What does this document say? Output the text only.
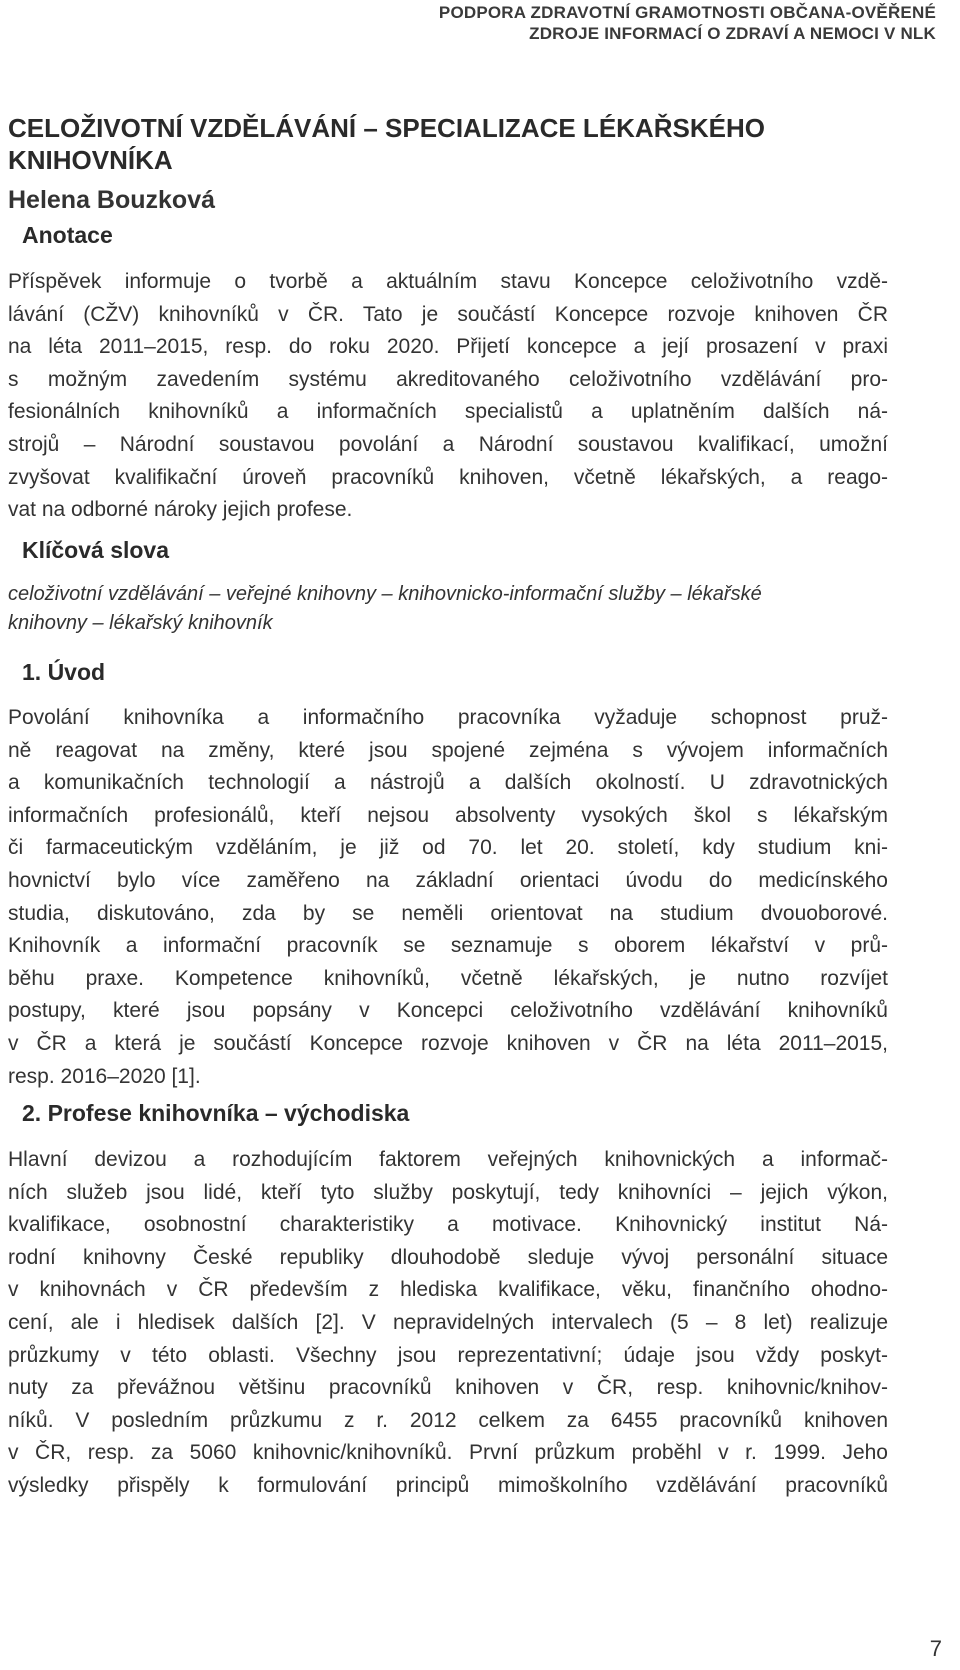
PODPORA ZDRAVOTNÍ GRAMOTNOSTI OBČANA-OVĚŘENÉ
ZDROJE INFORMACÍ O ZDRAVÍ A NEMOCI V NLK
CELOŽIVOTNÍ VZDĚLÁVÁNÍ – SPECIALIZACE LÉKAŘSKÉHO
KNIHOVNÍKA
Helena Bouzková
Anotace
Příspěvek informuje o tvorbě a aktuálním stavu Koncepce celoživotního vzdě-
lávání (CŽV) knihovníků v ČR. Tato je součástí Koncepce rozvoje knihoven ČR
na léta 2011–2015, resp. do roku 2020. Přijetí koncepce a její prosazení v praxi
s možným zavedením systému akreditovaného celoživotního vzdělávání pro-
fesionálních knihovníků a informačních specialistů a uplatněním dalších ná-
strojů – Národní soustavou povolání a Národní soustavou kvalifikací, umožní
zvyšovat kvalifikační úroveň pracovníků knihoven, včetně lékařských, a reago-
vat na odborné nároky jejich profese.
Klíčová slova
celoživotní vzdělávání – veřejné knihovny – knihovnicko-informační služby – lékařské
knihovny – lékařský knihovník
1. Úvod
Povolání knihovníka a informačního pracovníka vyžaduje schopnost pruž-
ně reagovat na změny, které jsou spojené zejména s vývojem informačních
a komunikačních technologií a nástrojů a dalších okolností. U zdravotnických
informačních profesionálů, kteří nejsou absolventy vysokých škol s lékařským
či farmaceutickým vzděláním, je již od 70. let 20. století, kdy studium kni-
hovnictví bylo více zaměřeno na základní orientaci úvodu do medicínského
studia, diskutováno, zda by se neměli orientovat na studium dvouoborové.
Knihovník a informační pracovník se seznamuje s oborem lékařství v prů-
běhu praxe. Kompetence knihovníků, včetně lékařských, je nutno rozvíjet
postupy, které jsou popsány v Koncepci celoživotního vzdělávání knihovníků
v ČR a která je součástí Koncepce rozvoje knihoven v ČR na léta 2011–2015,
resp. 2016–2020 [1].
2. Profese knihovníka – východiska
Hlavní devizou a rozhodujícím faktorem veřejných knihovnických a informač-
ních služeb jsou lidé, kteří tyto služby poskytují, tedy knihovníci – jejich výkon,
kvalifikace, osobnostní charakteristiky a motivace. Knihovnický institut Ná-
rodní knihovny České republiky dlouhodobě sleduje vývoj personální situace
v knihovnách v ČR především z hlediska kvalifikace, věku, finančního ohodno-
cení, ale i hledisek dalších [2]. V nepravidelných intervalech (5 – 8 let) realizuje
průzkumy v této oblasti. Všechny jsou reprezentativní; údaje jsou vždy poskyt-
nuty za převážnou většinu pracovníků knihoven v ČR, resp. knihovnic/knihov-
níků. V posledním průzkumu z r. 2012 celkem za 6455 pracovníků knihoven
v ČR, resp. za 5060 knihovnic/knihovníků. První průzkum proběhl v r. 1999. Jeho
výsledky přispěly k formulování principů mimoškolního vzdělávání pracovníků
7
